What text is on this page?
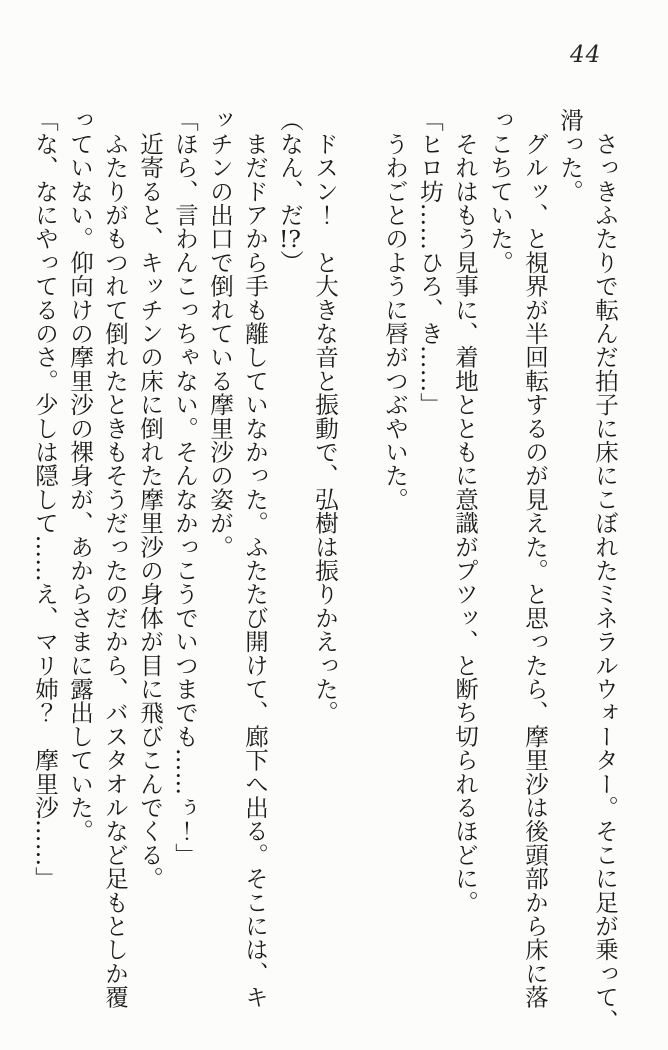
44

　さっきふたりで転んだ拍子に床にこぼれたミネラルウォーター。そこに足が乗って、

滑った。

　グルッ、と視界が半回転するのが見えた。と思ったら、摩里沙は後頭部から床に落

っこちていた。

　それはもう見事に、着地とともに意識がプツッ、と断ち切られるほどに。

「ヒロ坊……ひろ、き……」

　うわごとのように唇がつぶやいた。

　ドスン！　と大きな音と振動で、弘樹は振りかえった。

（なん、だ!?）

　まだドアから手も離していなかった。ふたたび開けて、廊下へ出る。そこには、キ

ッチンの出口で倒れている摩里沙の姿が。

「ほら、言わんこっちゃない。そんなかっこうでいつまでも……ぅ！」

　近寄ると、キッチンの床に倒れた摩里沙の身体が目に飛びこんでくる。

　ふたりがもつれて倒れたときもそうだったのだから、バスタオルなど足もとしか覆

っていない。仰向けの摩里沙の裸身が、あからさまに露出していた。

「な、なにやってるのさ。少しは隠して……え、マリ姉？　摩里沙……」
